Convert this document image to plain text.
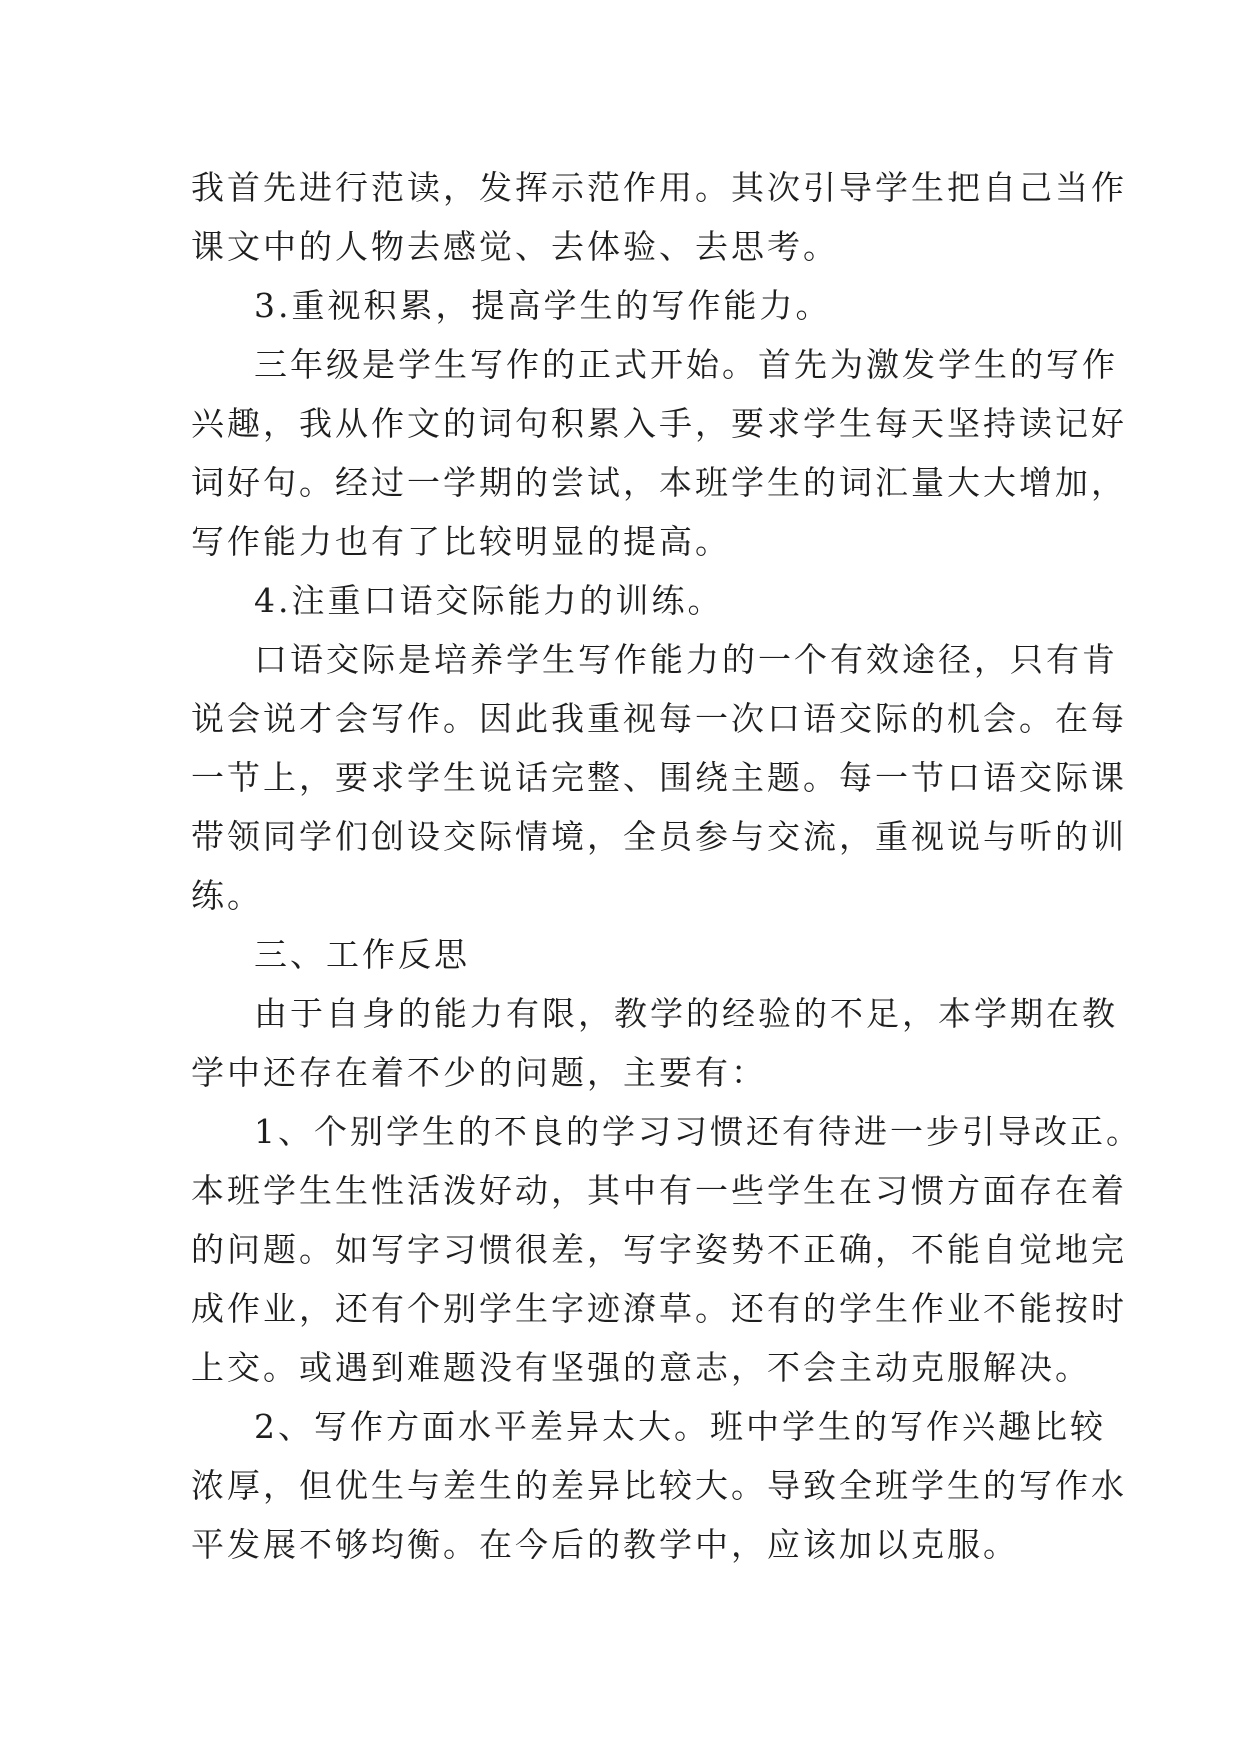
我首先进行范读，发挥示范作用。其次引导学生把自己当作
课文中的人物去感觉、去体验、去思考。
3.重视积累，提高学生的写作能力。
三年级是学生写作的正式开始。首先为激发学生的写作
兴趣，我从作文的词句积累入手，要求学生每天坚持读记好
词好句。经过一学期的尝试，本班学生的词汇量大大增加，
写作能力也有了比较明显的提高。
4.注重口语交际能力的训练。
口语交际是培养学生写作能力的一个有效途径，只有肯
说会说才会写作。因此我重视每一次口语交际的机会。在每
一节上，要求学生说话完整、围绕主题。每一节口语交际课
带领同学们创设交际情境，全员参与交流，重视说与听的训
练。
三、工作反思
由于自身的能力有限，教学的经验的不足，本学期在教
学中还存在着不少的问题，主要有：
1、个别学生的不良的学习习惯还有待进一步引导改正。
本班学生生性活泼好动，其中有一些学生在习惯方面存在着
的问题。如写字习惯很差，写字姿势不正确，不能自觉地完
成作业，还有个别学生字迹潦草。还有的学生作业不能按时
上交。或遇到难题没有坚强的意志，不会主动克服解决。
2、写作方面水平差异太大。班中学生的写作兴趣比较
浓厚，但优生与差生的差异比较大。导致全班学生的写作水
平发展不够均衡。在今后的教学中，应该加以克服。
